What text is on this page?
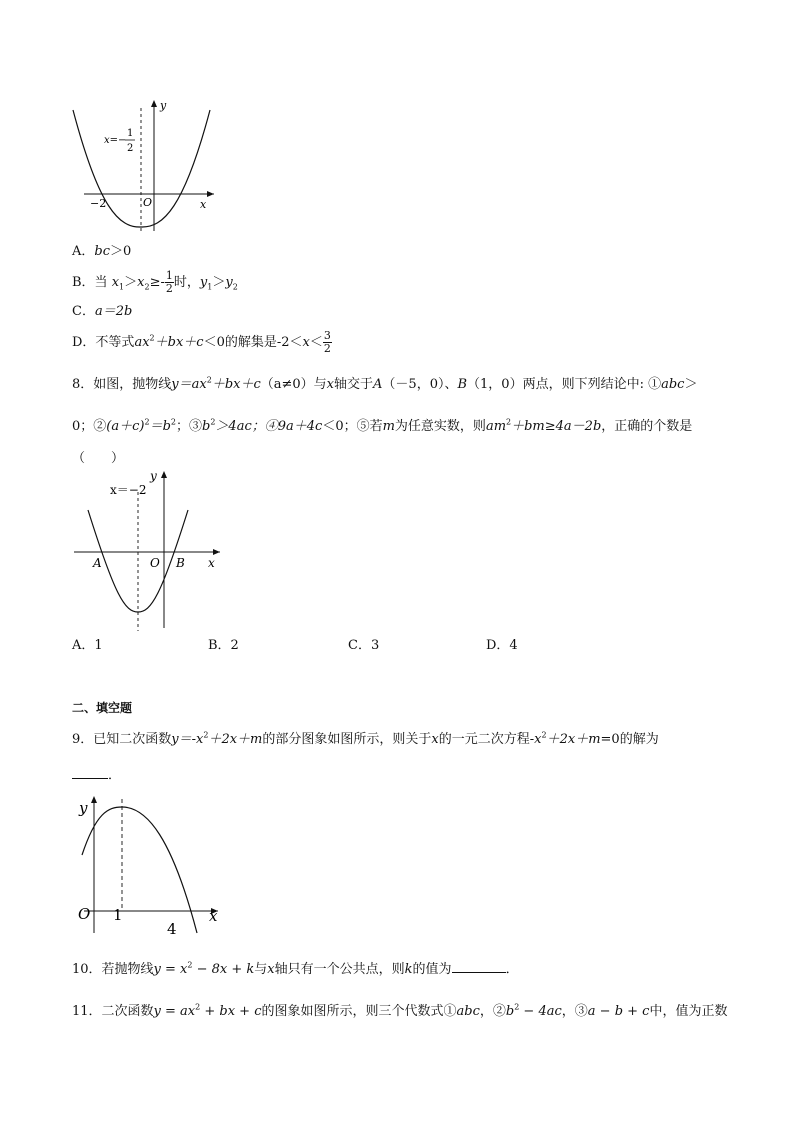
y
x
O
−2
x=−
1
2
A．bc＞0
B．当 $x_1>x_2\ge- \frac{1}{2}$ 时，$y_1>y_2$
C．a＝2b
D．不等式$ax^2+bx+c<0$的解集是$-2<x< \frac{3}{2}$
8．如图，抛物线$y=ax^2+bx+c(a\ne 0)$与x轴交于A（－5，0）、B（1，0）两点，则下列结论中: ①abc＞
0；$②(a+c)^2=b^2$；$③b^2>4ac$；④9a＋4c＜0；⑤若m为任意实数，则$am^2+bm\ge 4a-2b$，正确的个数是
（　　）
x＝−2
y
x
A	O B
A．1	B．2	C．3	D．4
二、填空题
9．已知二次函数$y=-x^2+2x+m$的部分图象如图所示，则关于x的一元二次方程$-x^2+2x+m=0$的解为
．
y
x
O 1
4
10．若抛物线$y = x^2 - 8x + k$与x轴只有一个公共点，则k的值为	．
11．二次函数$y = ax^2$ + bx + c的图象如图所示，则三个代数式①abc，$②b^2 - 4ac$，③a − b + c中，值为正数
